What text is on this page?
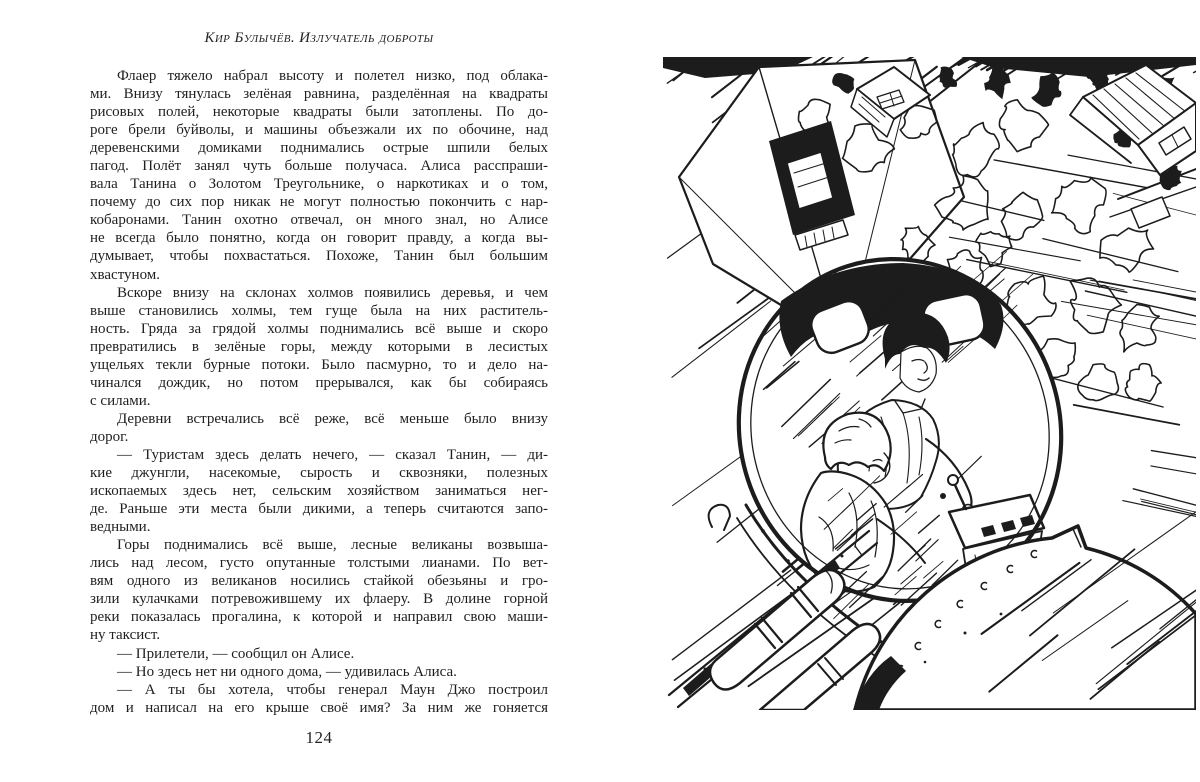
Кир Булычёв. Излучатель доброты
Флаер тяжело набрал высоту и полетел низко, под облака-
ми. Внизу тянулась зелёная равнина, разделённая на квадраты
рисовых полей, некоторые квадраты были затоплены. По до-
роге брели буйволы, и машины объезжали их по обочине, над
деревенскими домиками поднимались острые шпили белых
пагод. Полёт занял чуть больше получаса. Алиса расспраши-
вала Танина о Золотом Треугольнике, о наркотиках и о том,
почему до сих пор никак не могут полностью покончить с нар-
кобаронами. Танин охотно отвечал, он много знал, но Алисе
не всегда было понятно, когда он говорит правду, а когда вы-
думывает, чтобы похвастаться. Похоже, Танин был большим
хвастуном.
Вскоре внизу на склонах холмов появились деревья, и чем
выше становились холмы, тем гуще была на них раститель-
ность. Гряда за грядой холмы поднимались всё выше и скоро
превратились в зелёные горы, между которыми в лесистых
ущельях текли бурные потоки. Было пасмурно, то и дело на-
чинался дождик, но потом прерывался, как бы собираясь
с силами.
Деревни встречались всё реже, всё меньше было внизу
дорог.
— Туристам здесь делать нечего, — сказал Танин, — ди-
кие джунгли, насекомые, сырость и сквозняки, полезных
ископаемых здесь нет, сельским хозяйством заниматься нег-
де. Раньше эти места были дикими, а теперь считаются запо-
ведными.
Горы поднимались всё выше, лесные великаны возвыша-
лись над лесом, густо опутанные толстыми лианами. По вет-
вям одного из великанов носились стайкой обезьяны и гро-
зили кулачками потревожившему их флаеру. В долине горной
реки показалась прогалина, к которой и направил свою маши-
ну таксист.
— Прилетели, — сообщил он Алисе.
— Но здесь нет ни одного дома, — удивилась Алиса.
— А ты бы хотела, чтобы генерал Маун Джо построил
дом и написал на его крыше своё имя? За ним же гоняется
124
